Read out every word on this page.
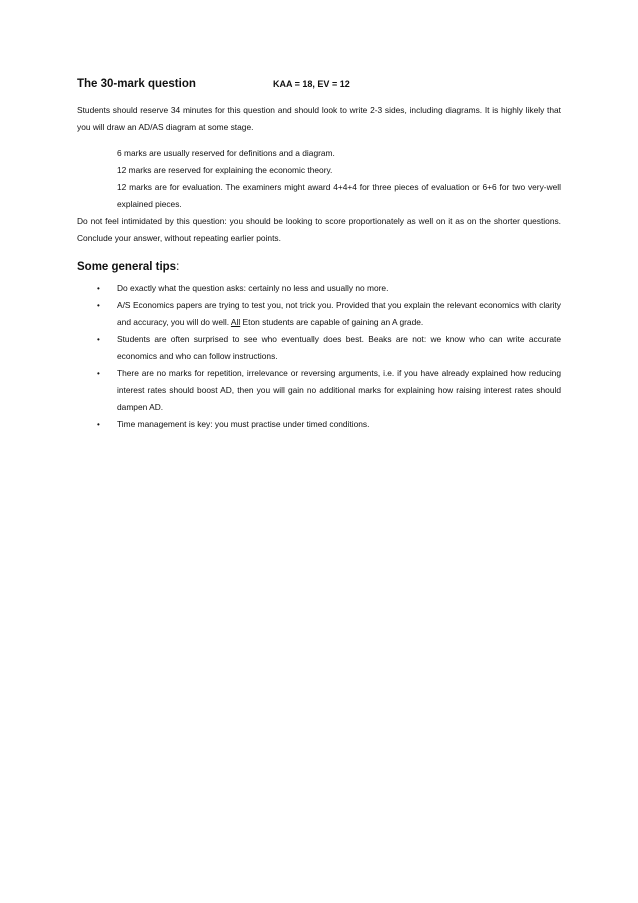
The 30-mark question	KAA = 18, EV = 12

Students should reserve 34 minutes for this question and should look to write 2-3 sides, including diagrams. It is highly likely that you will draw an AD/AS diagram at some stage.

6 marks are usually reserved for definitions and a diagram.

12 marks are reserved for explaining the economic theory.

12 marks are for evaluation. The examiners might award 4+4+4 for three pieces of evaluation or 6+6 for two very-well explained pieces.

Do not feel intimidated by this question: you should be looking to score proportionately as well on it as on the shorter questions. Conclude your answer, without repeating earlier points.

Some general tips:
• Do exactly what the question asks: certainly no less and usually no more.
• A/S Economics papers are trying to test you, not trick you. Provided that you explain the relevant economics with clarity and accuracy, you will do well. All Eton students are capable of gaining an A grade.
• Students are often surprised to see who eventually does best. Beaks are not: we know who can write accurate economics and who can follow instructions.
• There are no marks for repetition, irrelevance or reversing arguments, i.e. if you have already explained how reducing interest rates should boost AD, then you will gain no additional marks for explaining how raising interest rates should dampen AD.
• Time management is key: you must practise under timed conditions.
